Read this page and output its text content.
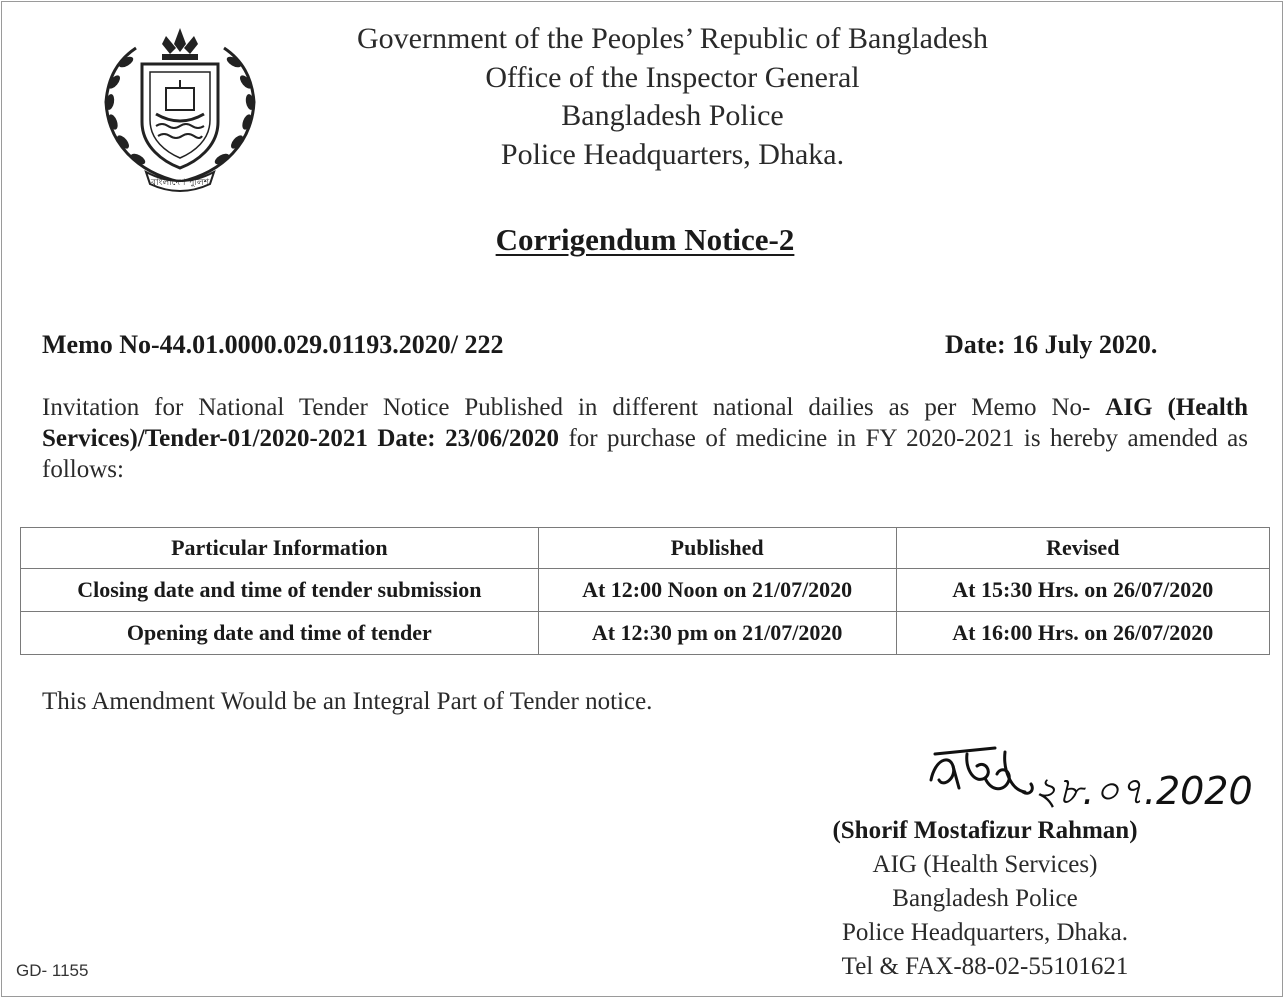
বাংলাদেশ পুলিশ
Government of the Peoples’ Republic of Bangladesh
Office of the Inspector General
Bangladesh Police
Police Headquarters, Dhaka.
Corrigendum Notice-2
Memo No-44.01.0000.029.01193.2020/ 222	Date: 16 July 2020.
Invitation for National Tender Notice Published in different national dailies as per Memo No- AIG (Health Services)/Tender-01/2020-2021 Date: 23/06/2020 for purchase of medicine in FY 2020-2021 is hereby amended as follows:
Particular Information	Published	Revised
Closing date and time of tender submission	At 12:00 Noon on 21/07/2020	At 15:30 Hrs. on 26/07/2020
Opening date and time of tender	At 12:30 pm on 21/07/2020	At 16:00 Hrs. on 26/07/2020
This Amendment Would be an Integral Part of Tender notice.
২৮.০৭.2020
(Shorif Mostafizur Rahman)
AIG (Health Services)
Bangladesh Police
Police Headquarters, Dhaka.
Tel & FAX-88-02-55101621
GD- 1155
